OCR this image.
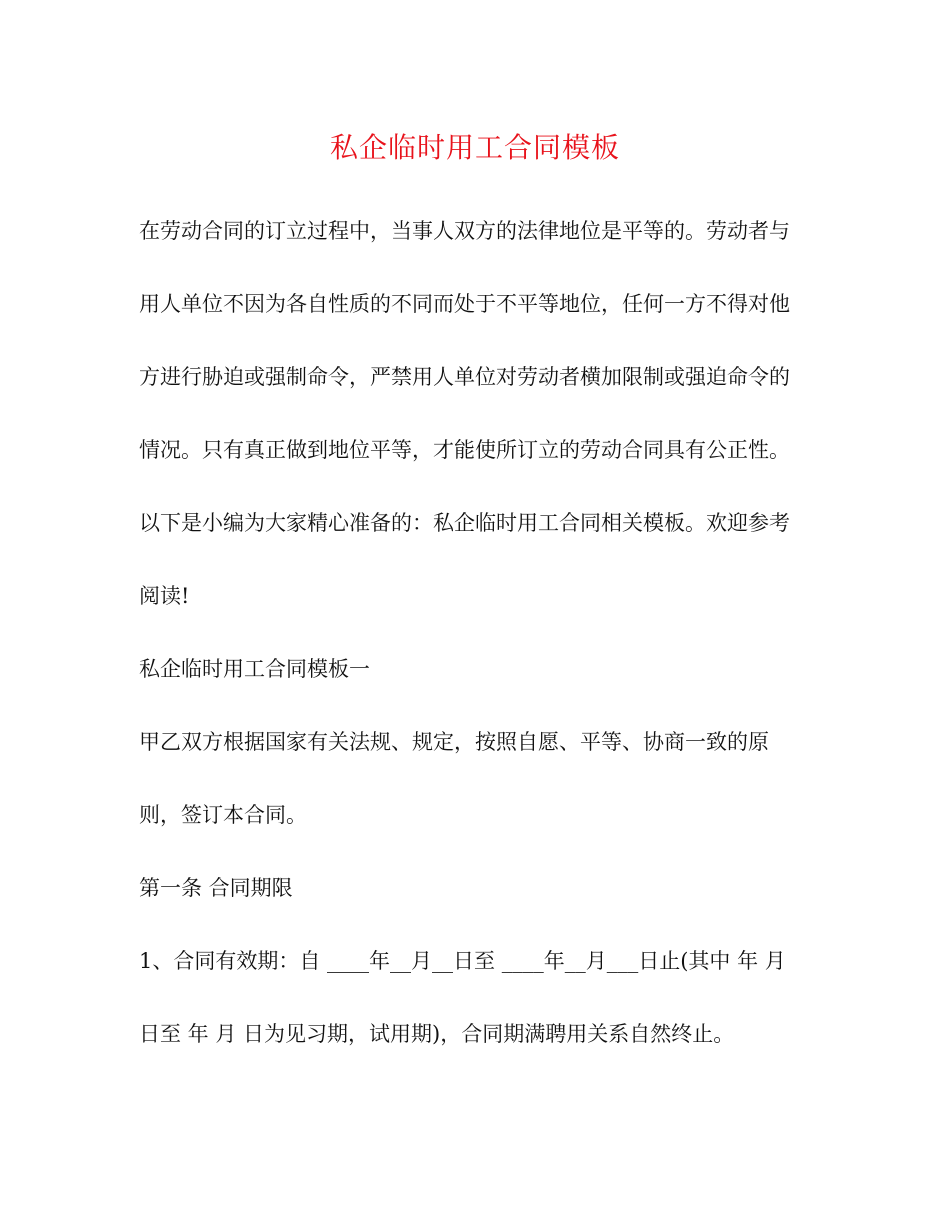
私企临时用工合同模板
在劳动合同的订立过程中，当事人双方的法律地位是平等的。劳动者与
用人单位不因为各自性质的不同而处于不平等地位，任何一方不得对他
方进行胁迫或强制命令，严禁用人单位对劳动者横加限制或强迫命令的
情况。只有真正做到地位平等，才能使所订立的劳动合同具有公正性。
以下是小编为大家精心准备的：私企临时用工合同相关模板。欢迎参考
阅读!
私企临时用工合同模板一
甲乙双方根据国家有关法规、规定，按照自愿、平等、协商一致的原
则，签订本合同。
第一条 合同期限
1、合同有效期：自 ____年__月__日至 ____年__月___日止(其中 年 月
日至 年 月 日为见习期，试用期)，合同期满聘用关系自然终止。
